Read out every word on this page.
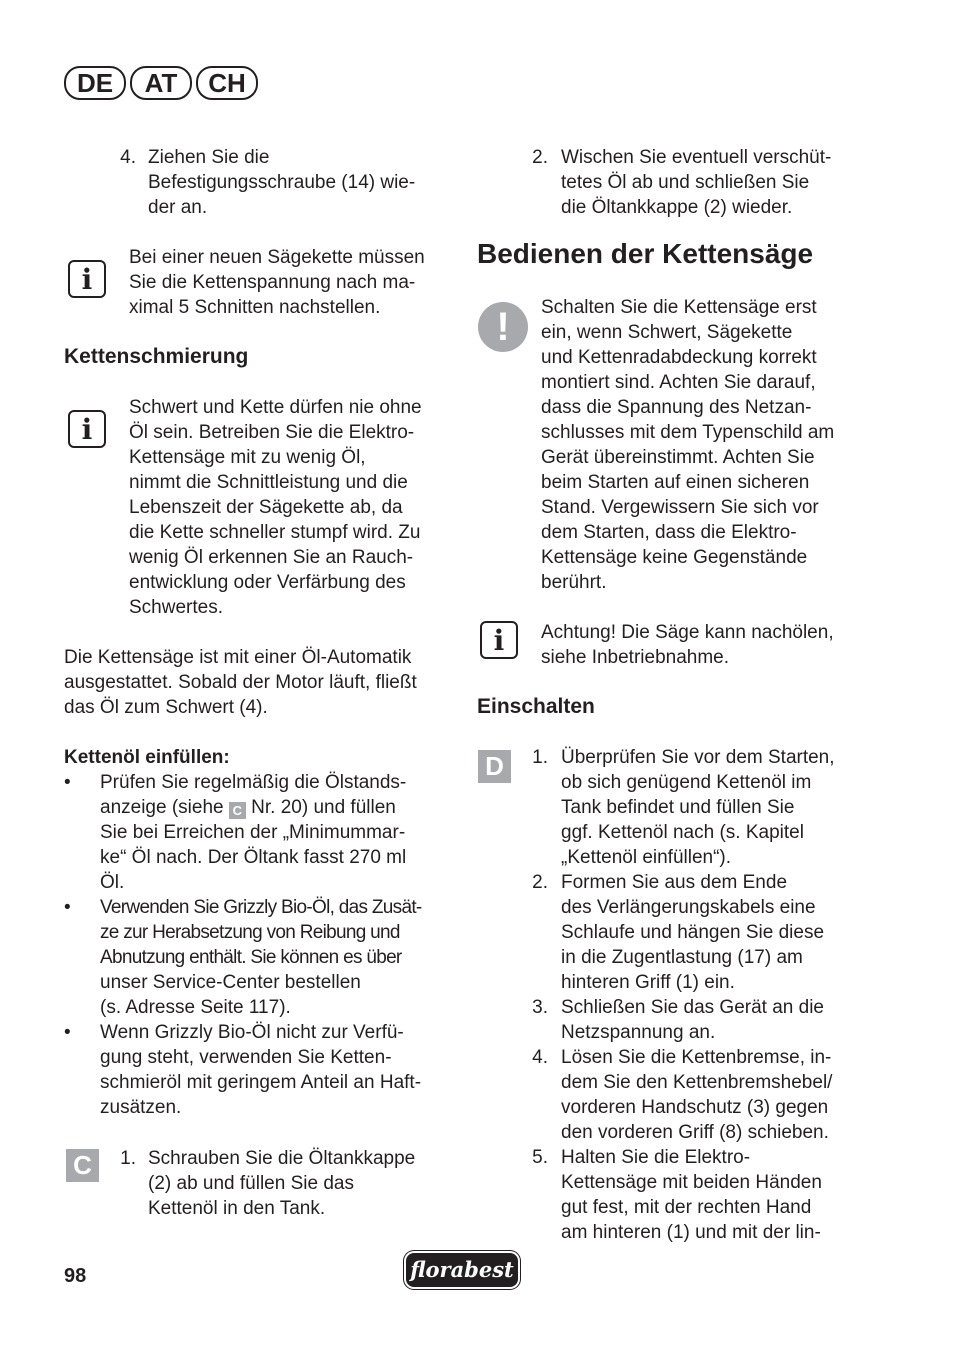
DE	AT	CH
4. Ziehen Sie die
Befestigungsschraube (14) wie-
der an.
i
Bei einer neuen Sägekette müssen
Sie die Kettenspannung nach ma-
ximal 5 Schnitten nachstellen.
Kettenschmierung
i
Schwert und Kette dürfen nie ohne
Öl sein. Betreiben Sie die Elektro-
Kettensäge mit zu wenig Öl,
nimmt die Schnittleistung und die
Lebenszeit der Sägekette ab, da
die Kette schneller stumpf wird. Zu
wenig Öl erkennen Sie an Rauch-
entwicklung oder Verfärbung des
Schwertes.
Die Kettensäge ist mit einer Öl-Automatik
ausgestattet. Sobald der Motor läuft, fließt
das Öl zum Schwert (4).
Kettenöl einfüllen:
• Prüfen Sie regelmäßig die Ölstands-
anzeige (siehe C Nr. 20) und füllen
Sie bei Erreichen der „Minimummar-
ke“ Öl nach. Der Öltank fasst 270 ml
Öl.
• Verwenden Sie Grizzly Bio-Öl, das Zusät-
ze zur Herabsetzung von Reibung und
Abnutzung enthält. Sie können es über
unser Service-Center bestellen
(s. Adresse Seite 117).
• Wenn Grizzly Bio-Öl nicht zur Verfü-
gung steht, verwenden Sie Ketten-
schmieröl mit geringem Anteil an Haft-
zusätzen.
C	1. Schrauben Sie die Öltankkappe
(2) ab und füllen Sie das
Kettenöl in den Tank.
2. Wischen Sie eventuell verschüt-
tetes Öl ab und schließen Sie
die Öltankkappe (2) wieder.
Bedienen der Kettensäge
!	Schalten Sie die Kettensäge erst
ein, wenn Schwert, Sägekette
und Kettenradabdeckung korrekt
montiert sind. Achten Sie darauf,
dass die Spannung des Netzan-
schlusses mit dem Typenschild am
Gerät übereinstimmt. Achten Sie
beim Starten auf einen sicheren
Stand. Vergewissern Sie sich vor
dem Starten, dass die Elektro-
Kettensäge keine Gegenstände
berührt.
i	Achtung! Die Säge kann nachölen,
siehe Inbetriebnahme.
Einschalten
D	1. Überprüfen Sie vor dem Starten,
ob sich genügend Kettenöl im
Tank befindet und füllen Sie
ggf. Kettenöl nach (s. Kapitel
„Kettenöl einfüllen“).
2. Formen Sie aus dem Ende
des Verlängerungskabels eine
Schlaufe und hängen Sie diese
in die Zugentlastung (17) am
hinteren Griff (1) ein.
3. Schließen Sie das Gerät an die
Netzspannung an.
4. Lösen Sie die Kettenbremse, in-
dem Sie den Kettenbremshebel/
vorderen Handschutz (3) gegen
den vorderen Griff (8) schieben.
5. Halten Sie die Elektro-
Kettensäge mit beiden Händen
gut fest, mit der rechten Hand
am hinteren (1) und mit der lin-
98	florabest
